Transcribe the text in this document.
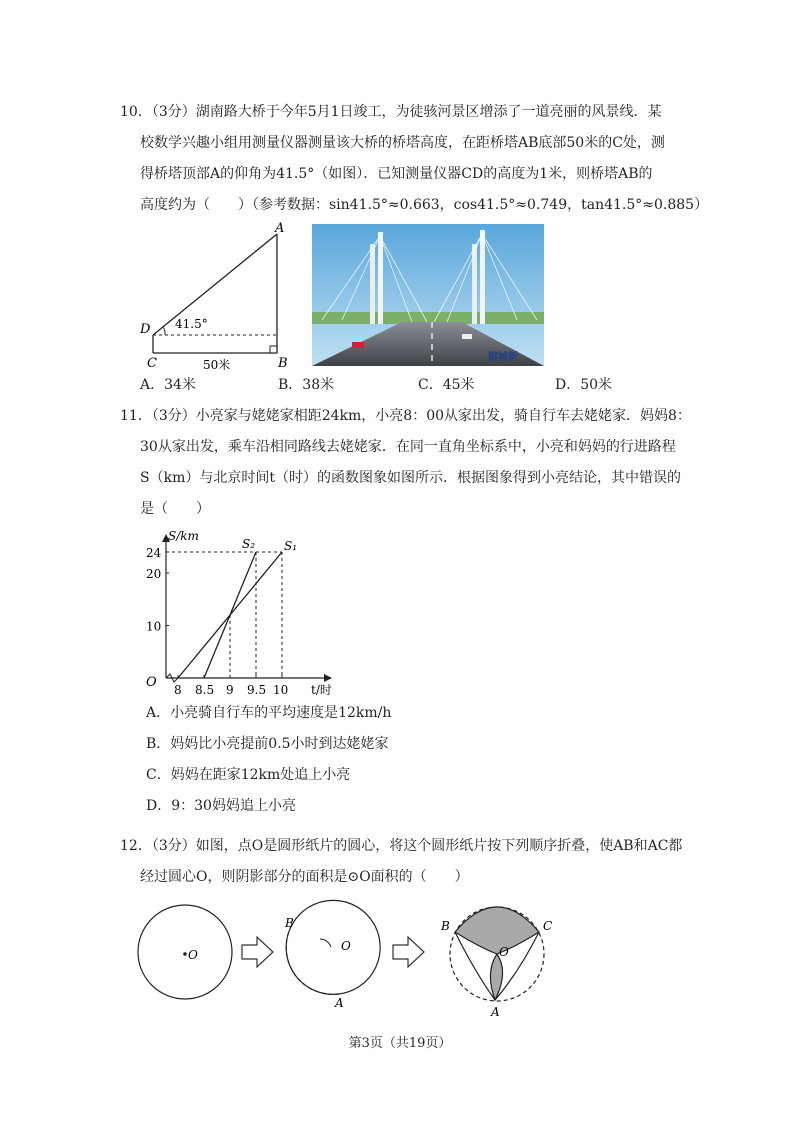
10．（3分）湖南路大桥于今年5月1日竣工，为徒骇河景区增添了一道亮丽的风景线．某
校数学兴趣小组用测量仪器测量该大桥的桥塔高度，在距桥塔AB底部50米的C处，测
得桥塔顶部A的仰角为41.5°（如图）．已知测量仪器CD的高度为1米，则桥塔AB的
高度约为（　　）（参考数据：sin41.5°≈0.663，cos41.5°≈0.749，tan41.5°≈0.885）
A
B
C
D 41.5°
50米
聊城新
A．34米	B．38米	C．45米	D．50米
11．（3分）小亮家与姥姥家相距24km，小亮8：00从家出发，骑自行车去姥姥家．妈妈8：
30从家出发，乘车沿相同路线去姥姥家．在同一直角坐标系中，小亮和妈妈的行进路程
S（km）与北京时间t（时）的函数图象如图所示．根据图象得到小亮结论，其中错误的
是（　　）
S/km
t/时
O
24
20
10
8 8.5 9 9.5 10
S₂ S₁
A．小亮骑自行车的平均速度是12km/h
B．妈妈比小亮提前0.5小时到达姥姥家
C．妈妈在距家12km处追上小亮
D．9：30妈妈追上小亮
12．（3分）如图，点O是圆形纸片的圆心，将这个圆形纸片按下列顺序折叠，使AB和AC都
经过圆心O，则阴影部分的面积是⊙O面积的（　　）
O
B
O
A
B	C
O
A
第3页（共19页）
